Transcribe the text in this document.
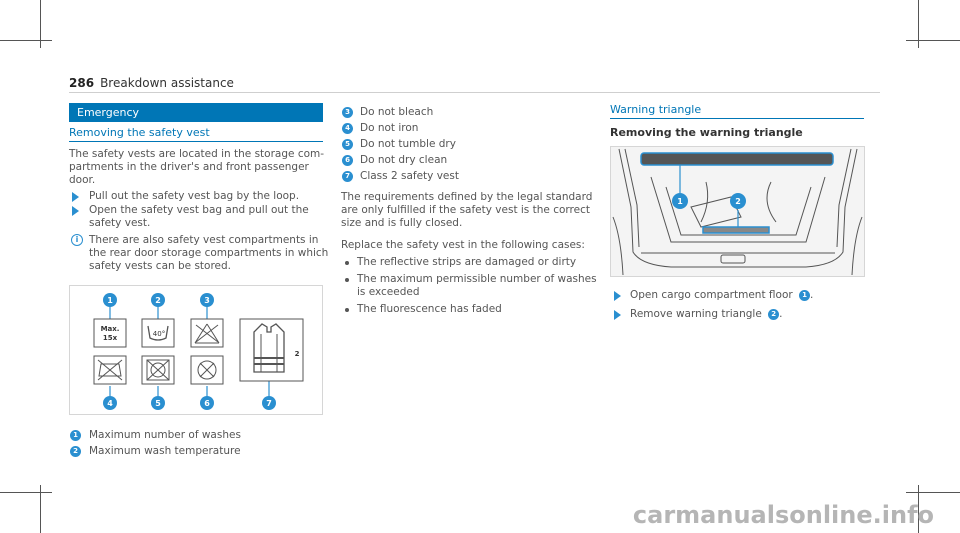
286 Breakdown assistance
Emergency
Removing the safety vest
The safety vests are located in the storage com-
partments in the driver's and front passenger
door.
Pull out the safety vest bag by the loop.
Open the safety vest bag and pull out the
safety vest.
i	There are also safety vest compartments in
the rear door storage compartments in which
safety vests can be stored.
1	2	3
4	5	6	7
Max.
15x	40°
2
1 Maximum number of washes
2 Maximum wash temperature
3 Do not bleach
4 Do not iron
5 Do not tumble dry
6 Do not dry clean
7 Class 2 safety vest
The requirements defined by the legal standard
are only fulfilled if the safety vest is the correct
size and is fully closed.
Replace the safety vest in the following cases:
The reflective strips are damaged or dirty
The maximum permissible number of washes
is exceeded
The fluorescence has faded
Warning triangle
Removing the warning triangle
1	2
Open cargo compartment floor 1 .
Remove warning triangle 2 .
carmanualsonline.info
